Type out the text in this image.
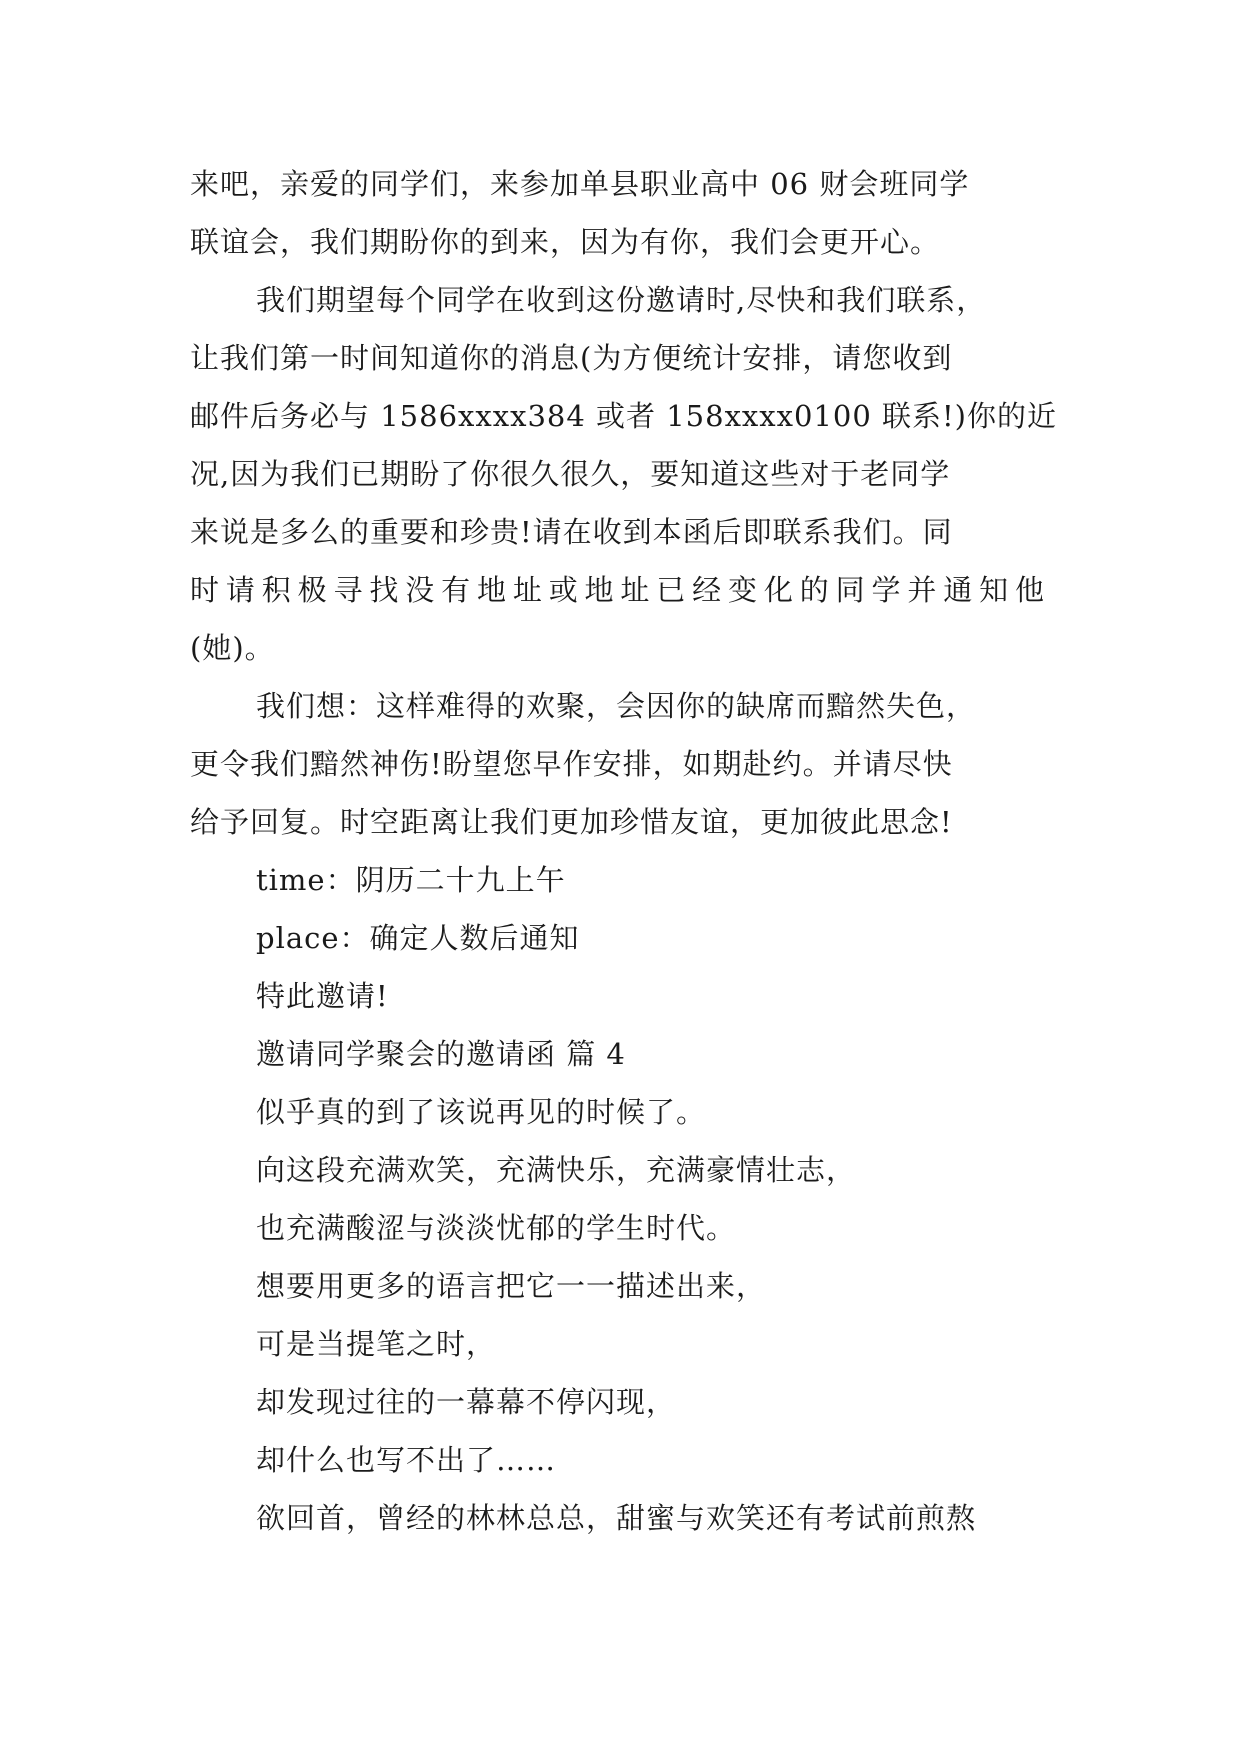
来吧，亲爱的同学们，来参加单县职业高中 06 财会班同学
联谊会，我们期盼你的到来，因为有你，我们会更开心。
我们期望每个同学在收到这份邀请时,尽快和我们联系，
让我们第一时间知道你的消息(为方便统计安排，请您收到
邮件后务必与 1586xxxx384 或者 158xxxx0100 联系!)你的近
况,因为我们已期盼了你很久很久，要知道这些对于老同学
来说是多么的重要和珍贵!请在收到本函后即联系我们。同
时请积极寻找没有地址或地址已经变化的同学并通知他
(她)。
我们想：这样难得的欢聚，会因你的缺席而黯然失色，
更令我们黯然神伤!盼望您早作安排，如期赴约。并请尽快
给予回复。时空距离让我们更加珍惜友谊，更加彼此思念!
time：阴历二十九上午
place：确定人数后通知
特此邀请!
邀请同学聚会的邀请函 篇 4
似乎真的到了该说再见的时候了。
向这段充满欢笑，充满快乐，充满豪情壮志，
也充满酸涩与淡淡忧郁的学生时代。
想要用更多的语言把它一一描述出来，
可是当提笔之时，
却发现过往的一幕幕不停闪现，
却什么也写不出了……
欲回首，曾经的林林总总，甜蜜与欢笑还有考试前煎熬
